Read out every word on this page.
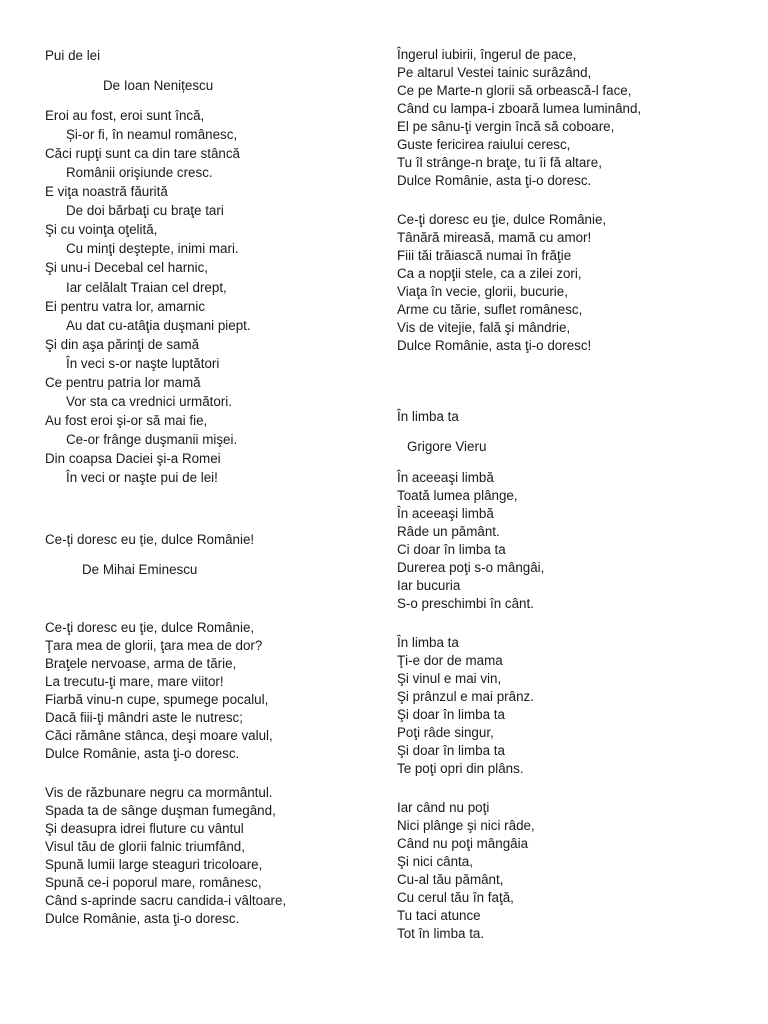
Pui de lei
De Ioan Nenițescu
Eroi au fost, eroi sunt încă,
Și-or fi, în neamul românesc,
Căci rupţi sunt ca din tare stâncă
Românii orişiunde cresc.
E viţa noastră făurită
De doi bărbaţi cu braţe tari
Şi cu voinţa oţelită,
Cu minţi deştepte, inimi mari.
Şi unu-i Decebal cel harnic,
Iar celălalt Traian cel drept,
Ei pentru vatra lor, amarnic
Au dat cu-atâţia duşmani piept.
Şi din aşa părinţi de samă
În veci s-or naşte luptători
Ce pentru patria lor mamă
Vor sta ca vrednici următori.
Au fost eroi şi-or să mai fie,
Ce-or frânge duşmanii mişei.
Din coapsa Daciei şi-a Romei
În veci or naşte pui de lei!
Ce-ți doresc eu ție, dulce Românie!
De Mihai Eminescu
Ce-ţi doresc eu ţie, dulce Românie,
Ţara mea de glorii, ţara mea de dor?
Braţele nervoase, arma de tărie,
La trecutu-ţi mare, mare viitor!
Fiarbă vinu-n cupe, spumege pocalul,
Dacă fiii-ţi mândri aste le nutresc;
Căci rămâne stânca, deşi moare valul,
Dulce Românie, asta ţi-o doresc.
Vis de răzbunare negru ca mormântul.
Spada ta de sânge duşman fumegând,
Şi deasupra idrei fluture cu vântul
Visul tău de glorii falnic triumfând,
Spună lumii large steaguri tricoloare,
Spună ce-i poporul mare, românesc,
Când s-aprinde sacru candida-i vâltoare,
Dulce Românie, asta ţi-o doresc.
Îngerul iubirii, îngerul de pace,
Pe altarul Vestei tainic surâzând,
Ce pe Marte-n glorii să orbească-l face,
Când cu lampa-i zboară lumea luminând,
El pe sânu-ţi vergin încă să coboare,
Guste fericirea raiului ceresc,
Tu îl strânge-n braţe, tu îi fă altare,
Dulce Românie, asta ţi-o doresc.
Ce-ţi doresc eu ţie, dulce Românie,
Tânără mireasă, mamă cu amor!
Fiii tăi trăiască numai în frăţie
Ca a nopţii stele, ca a zilei zori,
Viaţa în vecie, glorii, bucurie,
Arme cu tărie, suflet românesc,
Vis de vitejie, fală şi mândrie,
Dulce Românie, asta ţi-o doresc!
În limba ta
Grigore Vieru
În aceeaşi limbă
Toată lumea plânge,
În aceeaşi limbă
Râde un pământ.
Ci doar în limba ta
Durerea poţi s-o mângâi,
Iar bucuria
S-o preschimbi în cânt.
În limba ta
Ţi-e dor de mama
Şi vinul e mai vin,
Şi prânzul e mai prânz.
Şi doar în limba ta
Poţi râde singur,
Şi doar în limba ta
Te poţi opri din plâns.
Iar când nu poţi
Nici plânge şi nici râde,
Când nu poţi mângâia
Şi nici cânta,
Cu-al tău pământ,
Cu cerul tău în faţă,
Tu taci atunce
Tot în limba ta.
